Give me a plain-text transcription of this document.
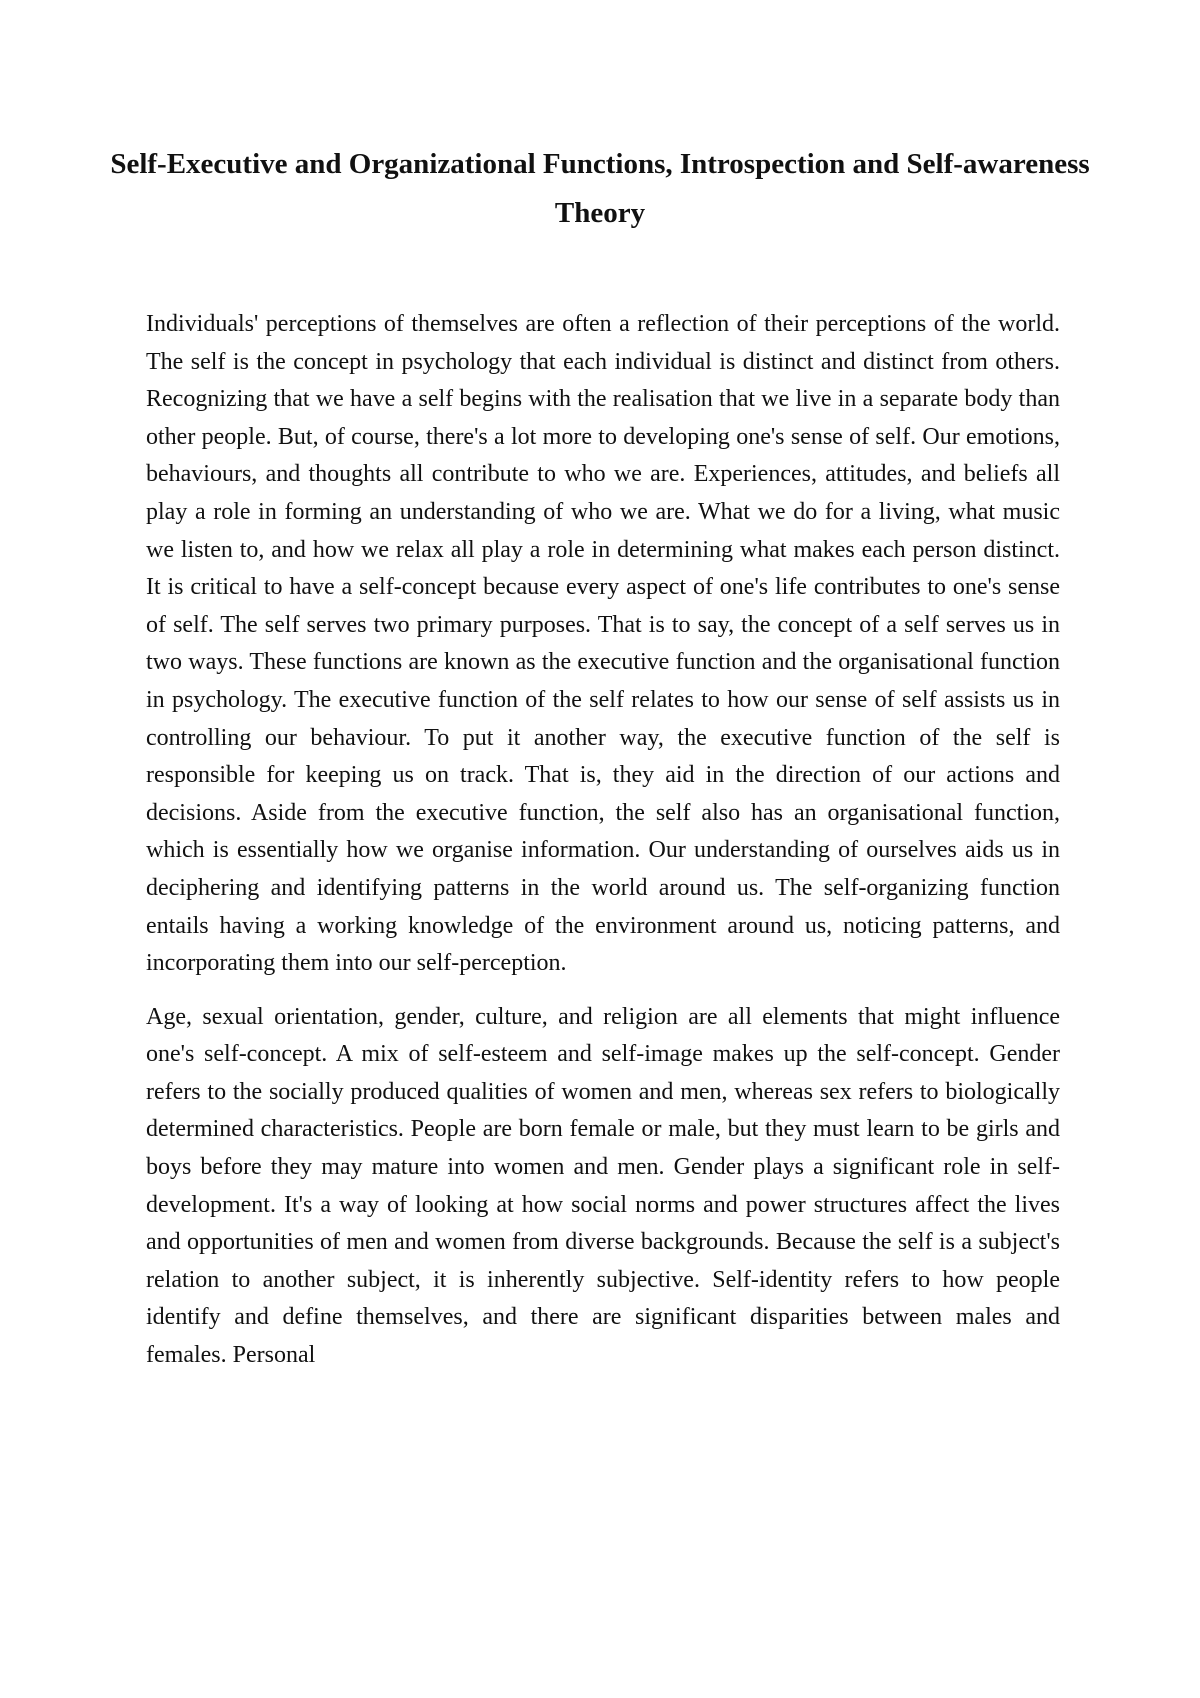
Self-Executive and Organizational Functions, Introspection and Self-awareness Theory

Individuals' perceptions of themselves are often a reflection of their perceptions of the world. The self is the concept in psychology that each individual is distinct and distinct from others. Recognizing that we have a self begins with the realisation that we live in a separate body than other people. But, of course, there's a lot more to developing one's sense of self. Our emotions, behaviours, and thoughts all contribute to who we are. Experiences, attitudes, and beliefs all play a role in forming an understanding of who we are. What we do for a living, what music we listen to, and how we relax all play a role in determining what makes each person distinct. It is critical to have a self-concept because every aspect of one's life contributes to one's sense of self. The self serves two primary purposes. That is to say, the concept of a self serves us in two ways. These functions are known as the executive function and the organisational function in psychology. The executive function of the self relates to how our sense of self assists us in controlling our behaviour. To put it another way, the executive function of the self is responsible for keeping us on track. That is, they aid in the direction of our actions and decisions. Aside from the executive function, the self also has an organisational function, which is essentially how we organise information. Our understanding of ourselves aids us in deciphering and identifying patterns in the world around us. The self-organizing function entails having a working knowledge of the environment around us, noticing patterns, and incorporating them into our self-perception.

Age, sexual orientation, gender, culture, and religion are all elements that might influence one's self-concept. A mix of self-esteem and self-image makes up the self-concept. Gender refers to the socially produced qualities of women and men, whereas sex refers to biologically determined characteristics. People are born female or male, but they must learn to be girls and boys before they may mature into women and men. Gender plays a significant role in self-development. It's a way of looking at how social norms and power structures affect the lives and opportunities of men and women from diverse backgrounds. Because the self is a subject's relation to another subject, it is inherently subjective. Self-identity refers to how people identify and define themselves, and there are significant disparities between males and females. Personal
